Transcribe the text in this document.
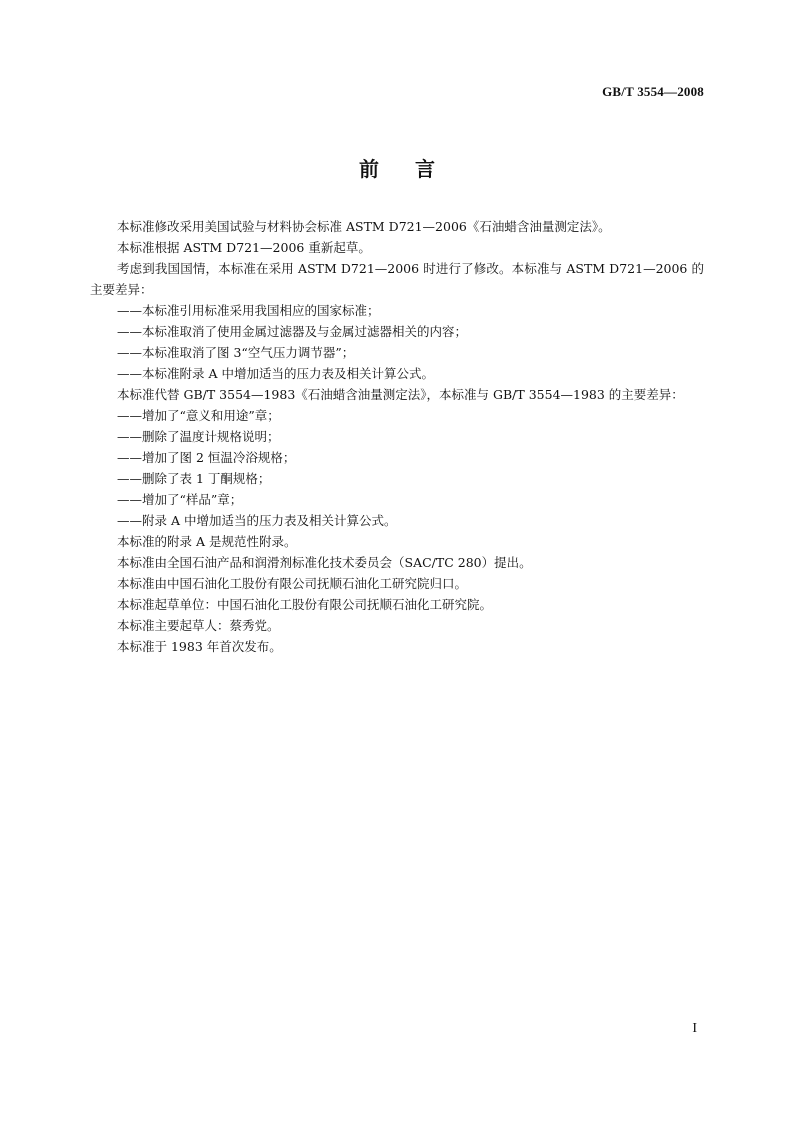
GB/T 3554—2008
前言

本标准修改采用美国试验与材料协会标准 ASTM D721—2006《石油蜡含油量测定法》。

本标准根据 ASTM D721—2006 重新起草。

考虑到我国国情，本标准在采用 ASTM D721—2006 时进行了修改。本标准与 ASTM D721—2006 的主要差异：

——本标准引用标准采用我国相应的国家标准；

——本标准取消了使用金属过滤器及与金属过滤器相关的内容；

——本标准取消了图 3“空气压力调节器”；

——本标准附录 A 中增加适当的压力表及相关计算公式。

本标准代替 GB/T 3554—1983《石油蜡含油量测定法》，本标准与 GB/T 3554—1983 的主要差异：

——增加了“意义和用途”章；

——删除了温度计规格说明；

——增加了图 2 恒温冷浴规格；

——删除了表 1 丁酮规格；

——增加了“样品”章；

——附录 A 中增加适当的压力表及相关计算公式。

本标准的附录 A 是规范性附录。

本标准由全国石油产品和润滑剂标准化技术委员会（SAC/TC 280）提出。

本标准由中国石油化工股份有限公司抚顺石油化工研究院归口。

本标准起草单位：中国石油化工股份有限公司抚顺石油化工研究院。

本标准主要起草人：蔡秀党。

本标准于 1983 年首次发布。

I
